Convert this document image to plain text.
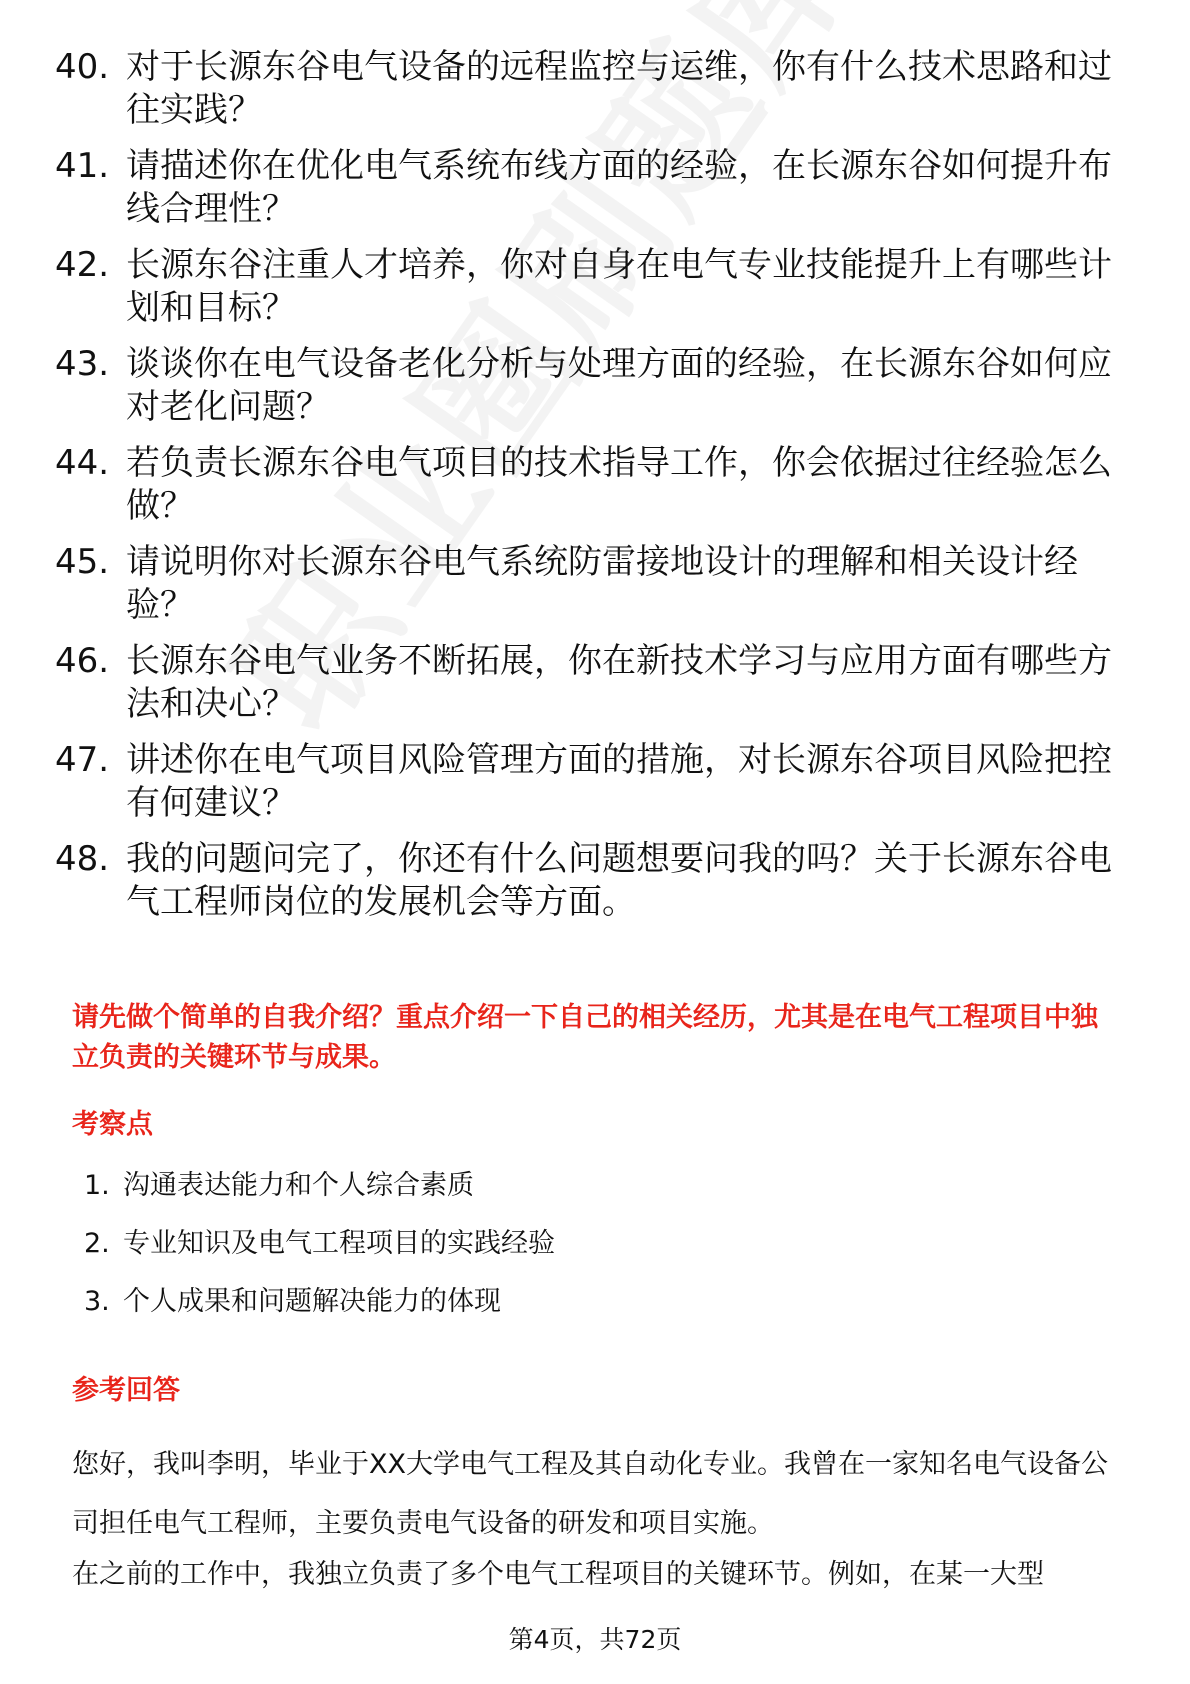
40. 对于长源东谷电气设备的远程监控与运维，你有什么技术思路和过往实践？
41. 请描述你在优化电气系统布线方面的经验，在长源东谷如何提升布线合理性？
42. 长源东谷注重人才培养，你对自身在电气专业技能提升上有哪些计划和目标？
43. 谈谈你在电气设备老化分析与处理方面的经验，在长源东谷如何应对老化问题？
44. 若负责长源东谷电气项目的技术指导工作，你会依据过往经验怎么做？
45. 请说明你对长源东谷电气系统防雷接地设计的理解和相关设计经验？
46. 长源东谷电气业务不断拓展，你在新技术学习与应用方面有哪些方法和决心？
47. 讲述你在电气项目风险管理方面的措施，对长源东谷项目风险把控有何建议？
48. 我的问题问完了，你还有什么问题想要问我的吗？关于长源东谷电气工程师岗位的发展机会等方面。
请先做个简单的自我介绍？重点介绍一下自己的相关经历，尤其是在电气工程项目中独立负责的关键环节与成果。
考察点
1. 沟通表达能力和个人综合素质
2. 专业知识及电气工程项目的实践经验
3. 个人成果和问题解决能力的体现
参考回答
您好，我叫李明，毕业于XX大学电气工程及其自动化专业。我曾在一家知名电气设备公司担任电气工程师，主要负责电气设备的研发和项目实施。
在之前的工作中，我独立负责了多个电气工程项目的关键环节。例如，在某一大型
第4页，共72页
